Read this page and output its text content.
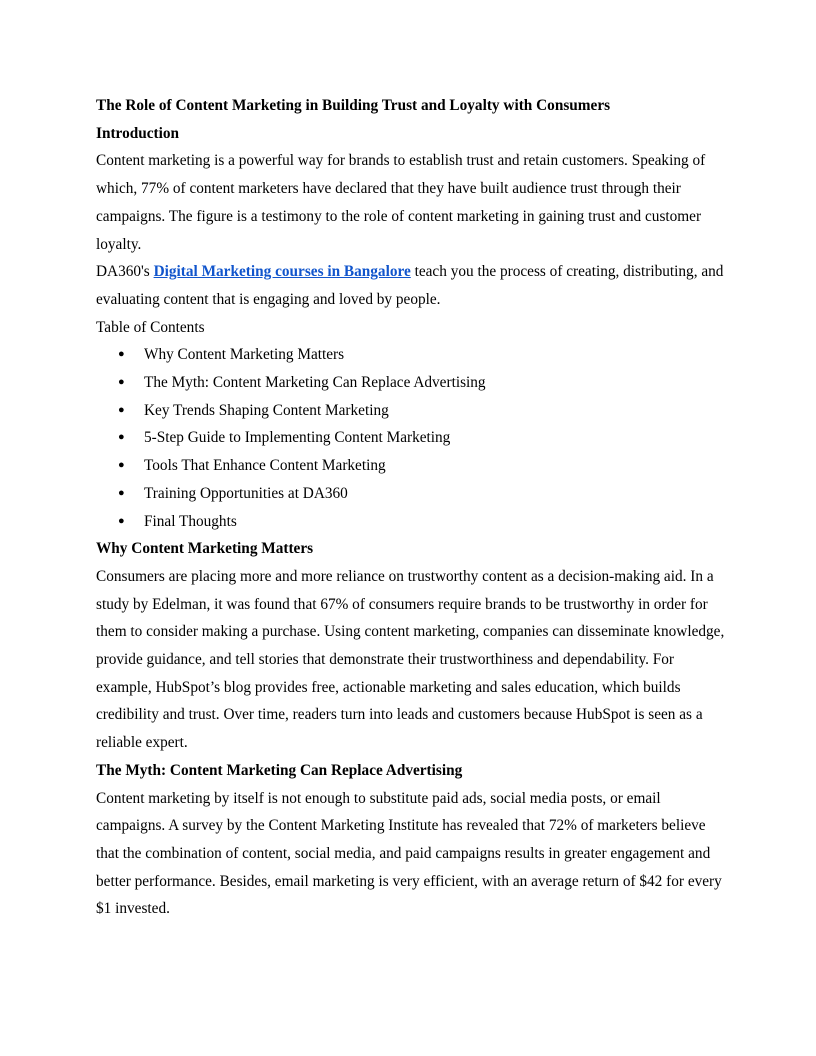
The Role of Content Marketing in Building Trust and Loyalty with Consumers

Introduction

Content marketing is a powerful way for brands to establish trust and retain customers. Speaking of which, 77% of content marketers have declared that they have built audience trust through their campaigns. The figure is a testimony to the role of content marketing in gaining trust and customer loyalty.

DA360's Digital Marketing courses in Bangalore teach you the process of creating, distributing, and evaluating content that is engaging and loved by people.

Table of Contents

● Why Content Marketing Matters
● The Myth: Content Marketing Can Replace Advertising
● Key Trends Shaping Content Marketing
● 5-Step Guide to Implementing Content Marketing
● Tools That Enhance Content Marketing
● Training Opportunities at DA360
● Final Thoughts

Why Content Marketing Matters

Consumers are placing more and more reliance on trustworthy content as a decision-making aid. In a study by Edelman, it was found that 67% of consumers require brands to be trustworthy in order for them to consider making a purchase. Using content marketing, companies can disseminate knowledge, provide guidance, and tell stories that demonstrate their trustworthiness and dependability. For example, HubSpot’s blog provides free, actionable marketing and sales education, which builds credibility and trust. Over time, readers turn into leads and customers because HubSpot is seen as a reliable expert.

The Myth: Content Marketing Can Replace Advertising

Content marketing by itself is not enough to substitute paid ads, social media posts, or email campaigns. A survey by the Content Marketing Institute has revealed that 72% of marketers believe that the combination of content, social media, and paid campaigns results in greater engagement and better performance. Besides, email marketing is very efficient, with an average return of $42 for every $1 invested.
